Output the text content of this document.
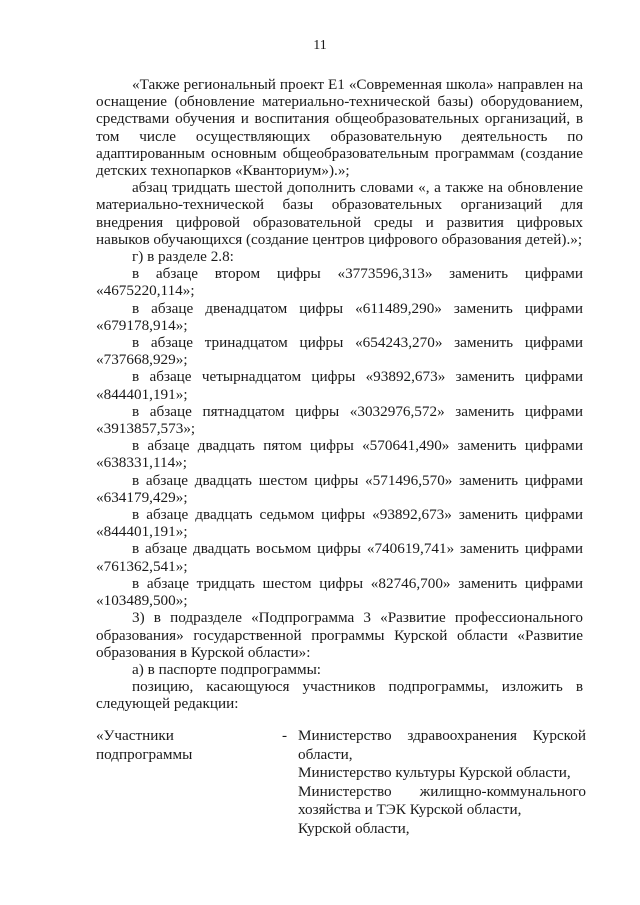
11

«Также региональный проект E1 «Современная школа» направлен на оснащение (обновление материально-технической базы) оборудованием, средствами обучения и воспитания общеобразовательных организаций, в том числе осуществляющих образовательную деятельность по адаптированным основным общеобразовательным программам (создание детских технопарков «Кванториум»).»;

абзац тридцать шестой дополнить словами «, а также на обновление материально-технической базы образовательных организаций для внедрения цифровой образовательной среды и развития цифровых навыков обучающихся (создание центров цифрового образования детей).»;

г) в разделе 2.8:

в абзаце втором цифры «3773596,313» заменить цифрами

«4675220,114»;

в абзаце двенадцатом цифры «611489,290» заменить цифрами

«679178,914»;

в абзаце тринадцатом цифры «654243,270» заменить цифрами

«737668,929»;

в абзаце четырнадцатом цифры «93892,673» заменить цифрами

«844401,191»;

в абзаце пятнадцатом цифры «3032976,572» заменить цифрами

«3913857,573»;

в абзаце двадцать пятом цифры «570641,490» заменить цифрами

«638331,114»;

в абзаце двадцать шестом цифры «571496,570» заменить цифрами

«634179,429»;

в абзаце двадцать седьмом цифры «93892,673» заменить цифрами

«844401,191»;

в абзаце двадцать восьмом цифры «740619,741» заменить цифрами

«761362,541»;

в абзаце тридцать шестом цифры «82746,700» заменить цифрами

«103489,500»;

3) в подразделе «Подпрограмма 3 «Развитие профессионального образования» государственной программы Курской области «Развитие образования в Курской области»:

а) в паспорте подпрограммы:

позицию, касающуюся участников подпрограммы, изложить в следующей редакции:

«Участники
подпрограммы
- Министерство здравоохранения Курской области,

Министерство культуры Курской области,

Министерство жилищно-коммунального хозяйства и ТЭК Курской области,

Курской области,
